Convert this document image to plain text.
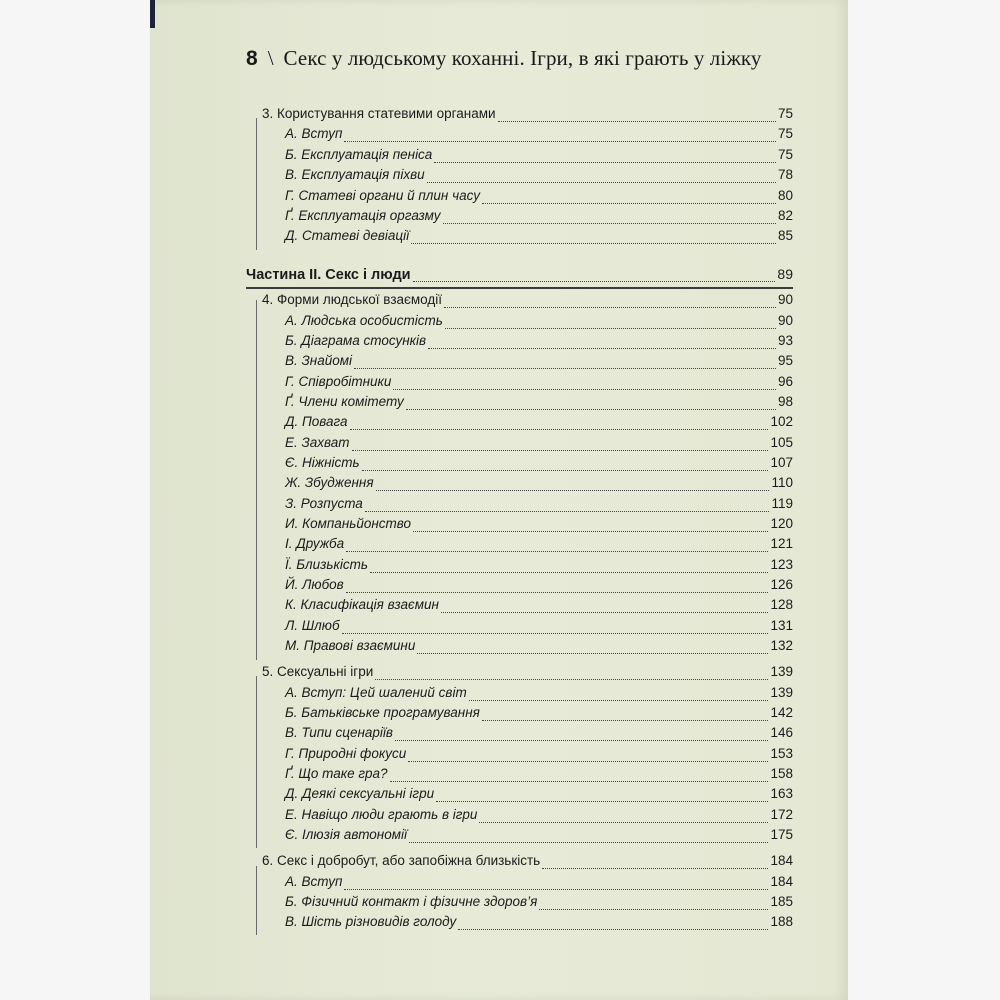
8 \ Секс у людському коханні. Ігри, в які грають у ліжку
3. Користування статевими органами	75
А. Вступ	75
Б. Експлуатація пеніса	75
В. Експлуатація піхви	78
Г. Статеві органи й плин часу	80
Ґ. Експлуатація оргазму	82
Д. Статеві девіації	85
Частина II. Секс і люди	89
4. Форми людської взаємодії	90
А. Людська особистість	90
Б. Діаграма стосунків	93
В. Знайомі	95
Г. Співробітники	96
Ґ. Члени комітету	98
Д. Повага	102
Е. Захват	105
Є. Ніжність	107
Ж. Збудження	110
З. Розпуста	119
И. Компаньйонство	120
І. Дружба	121
Ї. Близькість	123
Й. Любов	126
К. Класифікація взаємин	128
Л. Шлюб	131
М. Правові взаємини	132
5. Сексуальні ігри	139
А. Вступ: Цей шалений світ	139
Б. Батьківське програмування	142
В. Типи сценаріїв	146
Г. Природні фокуси	153
Ґ. Що таке гра?	158
Д. Деякі сексуальні ігри	163
Е. Навіщо люди грають в ігри	172
Є. Ілюзія автономії	175
6. Секс і добробут, або запобіжна близькість	184
А. Вступ	184
Б. Фізичний контакт і фізичне здоров’я	185
В. Шість різновидів голоду	188
